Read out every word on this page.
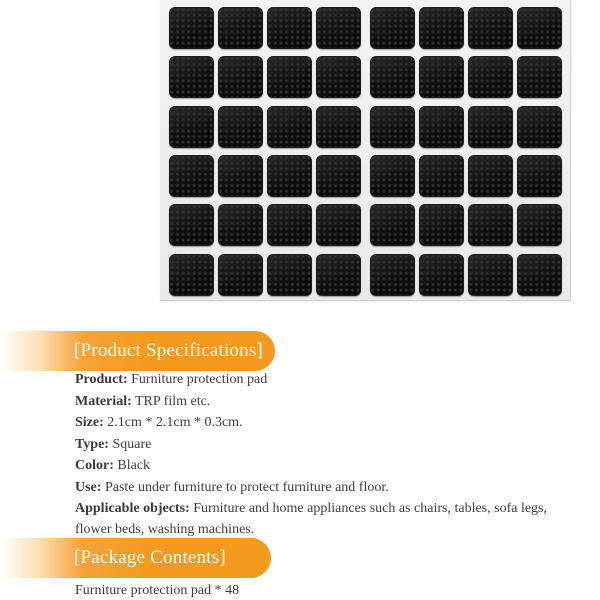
[Product Specifications]
Product: Furniture protection pad
Material: TRP film etc.
Size: 2.1cm * 2.1cm * 0.3cm.
Type: Square
Color: Black
Use: Paste under furniture to protect furniture and floor.
Applicable objects: Furniture and home appliances such as chairs, tables, sofa legs, flower beds, washing machines.
[Package Contents]
Furniture protection pad * 48
